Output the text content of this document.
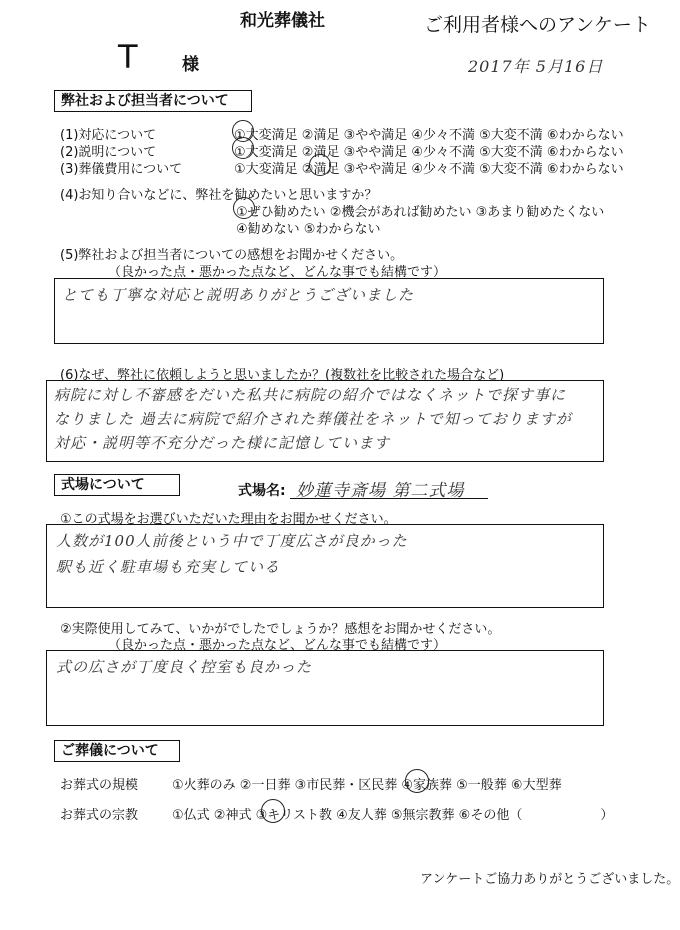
和光葬儀社	ご利用者様へのアンケート
T	様	2017年 5月16日
弊社および担当者について
(1)対応について	①大変満足 ②満足 ③やや満足 ④少々不満 ⑤大変不満 ⑥わからない
(2)説明について	①大変満足 ②満足 ③やや満足 ④少々不満 ⑤大変不満 ⑥わからない
(3)葬儀費用について	①大変満足 ②満足 ③やや満足 ④少々不満 ⑤大変不満 ⑥わからない
(4)お知り合いなどに、弊社を勧めたいと思いますか？
①ぜひ勧めたい ②機会があれば勧めたい ③あまり勧めたくない
④勧めない ⑤わからない
(5)弊社および担当者についての感想をお聞かせください。
（良かった点・悪かった点など、どんな事でも結構です）
とても丁寧な対応と説明ありがとうございました
(6)なぜ、弊社に依頼しようと思いましたか？(複数社を比較された場合など)
病院に対し不審感をだいた私共に病院の紹介ではなくネットで探す事に
なりました 過去に病院で紹介された葬儀社をネットで知っておりますが
対応・説明等不充分だった様に記憶しています
式場について	式場名: 妙蓮寺斎場 第二式場
①この式場をお選びいただいた理由をお聞かせください。
人数が100人前後という中で丁度広さが良かった
駅も近く駐車場も充実している
②実際使用してみて、いかがでしたでしょうか？感想をお聞かせください。
（良かった点・悪かった点など、どんな事でも結構です）
式の広さが丁度良く控室も良かった
ご葬儀について
お葬式の規模	①火葬のみ ②一日葬 ③市民葬・区民葬 ④家族葬 ⑤一般葬 ⑥大型葬
お葬式の宗教	①仏式 ②神式 ③キリスト教 ④友人葬 ⑤無宗教葬 ⑥その他（　　　　　　）
アンケートご協力ありがとうございました。
